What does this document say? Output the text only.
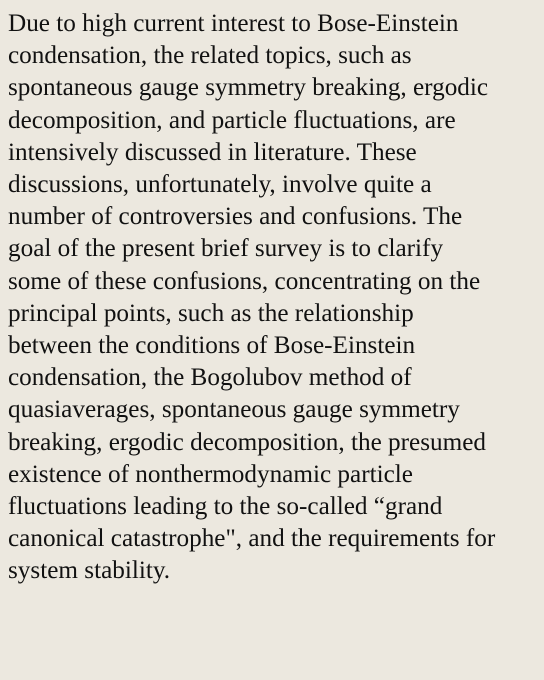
Due to high current interest to Bose-Einstein
condensation, the related topics, such as
spontaneous gauge symmetry breaking, ergodic
decomposition, and particle fluctuations, are
intensively discussed in literature. These
discussions, unfortunately, involve quite a
number of controversies and confusions. The
goal of the present brief survey is to clarify
some of these confusions, concentrating on the
principal points, such as the relationship
between the conditions of Bose-Einstein
condensation, the Bogolubov method of
quasiaverages, spontaneous gauge symmetry
breaking, ergodic decomposition, the presumed
existence of nonthermodynamic particle
fluctuations leading to the so-called “grand
canonical catastrophe", and the requirements for
system stability.
